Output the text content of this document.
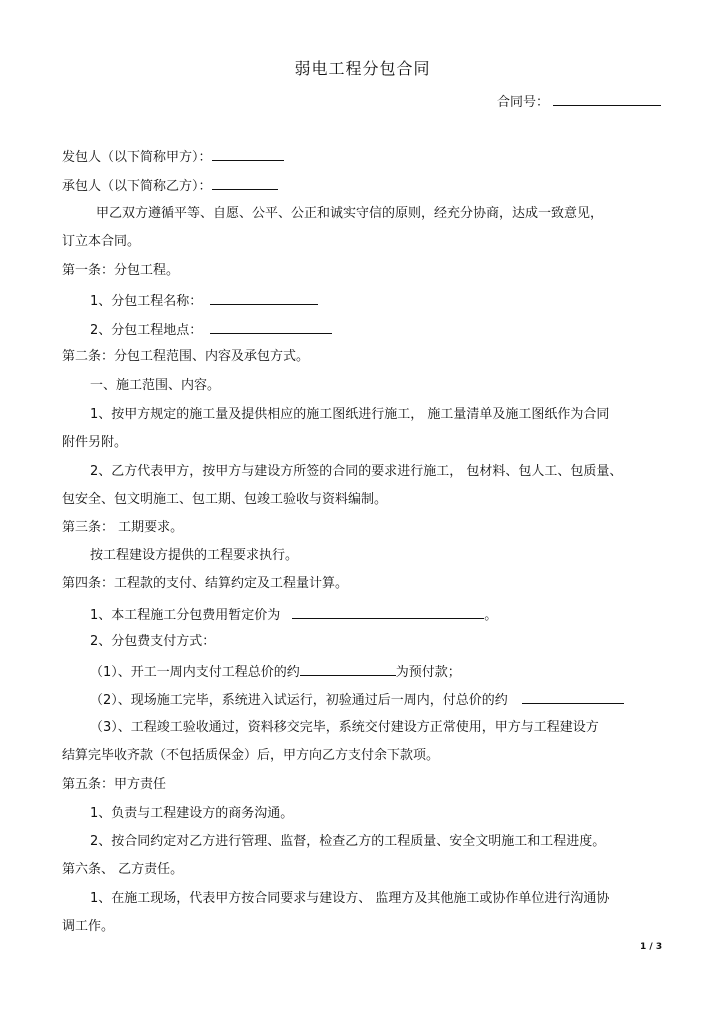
弱电工程分包合同
合同号：
发包人（以下简称甲方）：
承包人（以下简称乙方）：
甲乙双方遵循平等、自愿、公平、公正和诚实守信的原则，经充分协商，达成一致意见，
订立本合同。
第一条：分包工程。
1、分包工程名称：
2、分包工程地点：
第二条：分包工程范围、内容及承包方式。
一、施工范围、内容。
1、按甲方规定的施工量及提供相应的施工图纸进行施工， 施工量清单及施工图纸作为合同
附件另附。
2、乙方代表甲方，按甲方与建设方所签的合同的要求进行施工， 包材料、包人工、包质量、
包安全、包文明施工、包工期、包竣工验收与资料编制。
第三条： 工期要求。
按工程建设方提供的工程要求执行。
第四条：工程款的支付、结算约定及工程量计算。
1、本工程施工分包费用暂定价为	。
2、分包费支付方式：
（1）、开工一周内支付工程总价的约	为预付款；
（2）、现场施工完毕，系统进入试运行，初验通过后一周内，付总价的约
（3）、工程竣工验收通过，资料移交完毕，系统交付建设方正常使用，甲方与工程建设方
结算完毕收齐款（不包括质保金）后，甲方向乙方支付余下款项。
第五条：甲方责任
1、负责与工程建设方的商务沟通。
2、按合同约定对乙方进行管理、监督，检查乙方的工程质量、安全文明施工和工程进度。
第六条、 乙方责任。
1、在施工现场，代表甲方按合同要求与建设方、 监理方及其他施工或协作单位进行沟通协
调工作。
1 / 3
